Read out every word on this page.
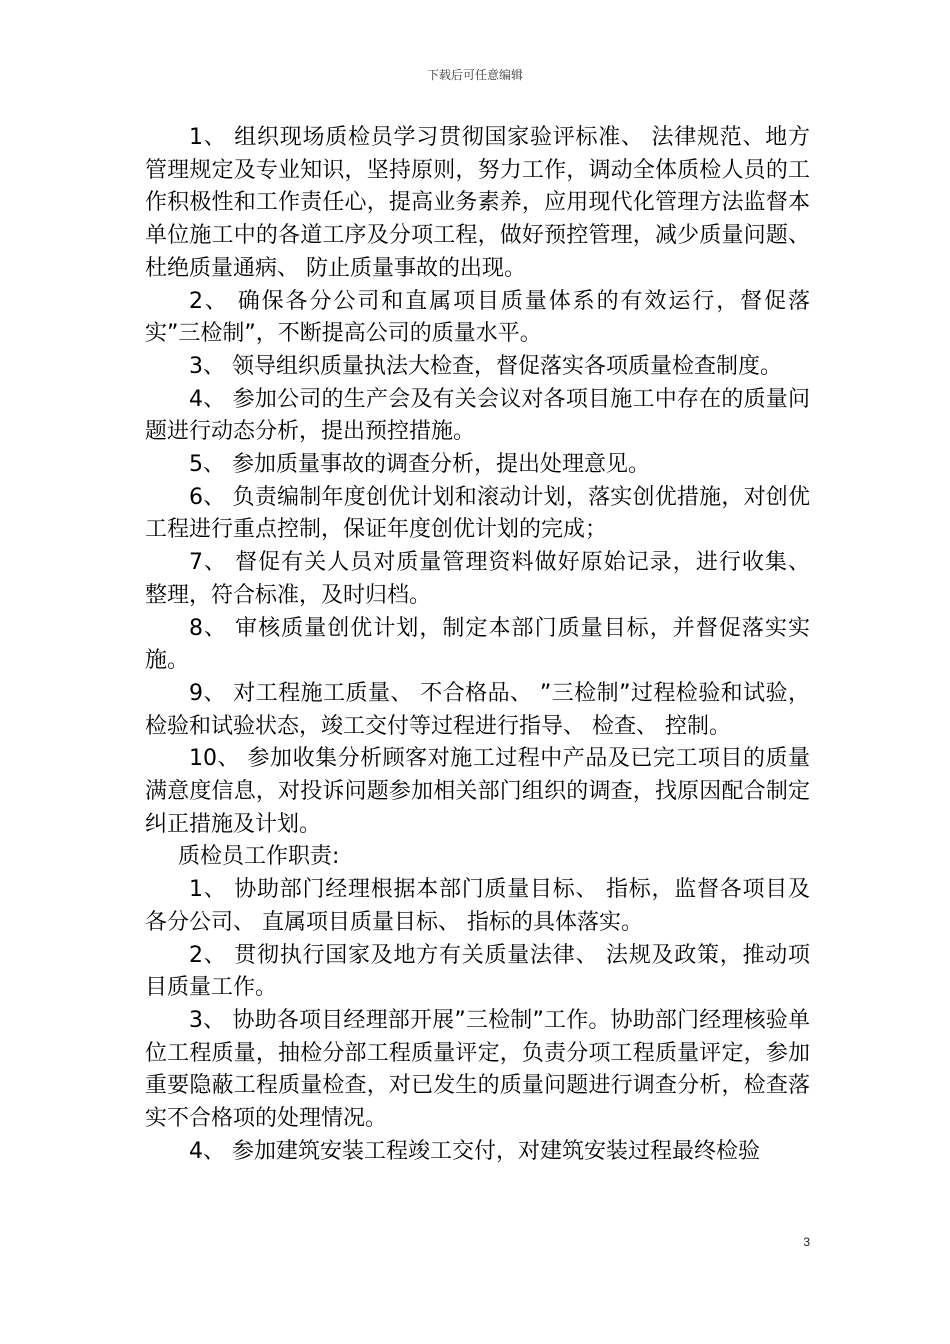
下载后可任意编辑

1、 组织现场质检员学习贯彻国家验评标准、 法律规范、地方管理规定及专业知识，坚持原则，努力工作，调动全体质检人员的工作积极性和工作责任心，提高业务素养，应用现代化管理方法监督本单位施工中的各道工序及分项工程，做好预控管理，减少质量问题、 杜绝质量通病、 防止质量事故的出现。

2、 确保各分公司和直属项目质量体系的有效运行，督促落实”三检制”，不断提高公司的质量水平。

3、 领导组织质量执法大检查，督促落实各项质量检查制度。

4、 参加公司的生产会及有关会议对各项目施工中存在的质量问题进行动态分析，提出预控措施。

5、 参加质量事故的调查分析，提出处理意见。

6、 负责编制年度创优计划和滚动计划，落实创优措施，对创优工程进行重点控制，保证年度创优计划的完成；

7、 督促有关人员对质量管理资料做好原始记录，进行收集、 整理，符合标准，及时归档。

8、 审核质量创优计划，制定本部门质量目标，并督促落实实施。

9、 对工程施工质量、 不合格品、 ”三检制”过程检验和试验，检验和试验状态，竣工交付等过程进行指导、 检查、 控制。

10、 参加收集分析顾客对施工过程中产品及已完工项目的质量满意度信息，对投诉问题参加相关部门组织的调查，找原因配合制定纠正措施及计划。

质检员工作职责:

1、 协助部门经理根据本部门质量目标、 指标，监督各项目及各分公司、 直属项目质量目标、 指标的具体落实。

2、 贯彻执行国家及地方有关质量法律、 法规及政策，推动项目质量工作。

3、 协助各项目经理部开展”三检制”工作。协助部门经理核验单位工程质量，抽检分部工程质量评定，负责分项工程质量评定，参加重要隐蔽工程质量检查，对已发生的质量问题进行调查分析，检查落实不合格项的处理情况。

4、 参加建筑安装工程竣工交付，对建筑安装过程最终检验

3
